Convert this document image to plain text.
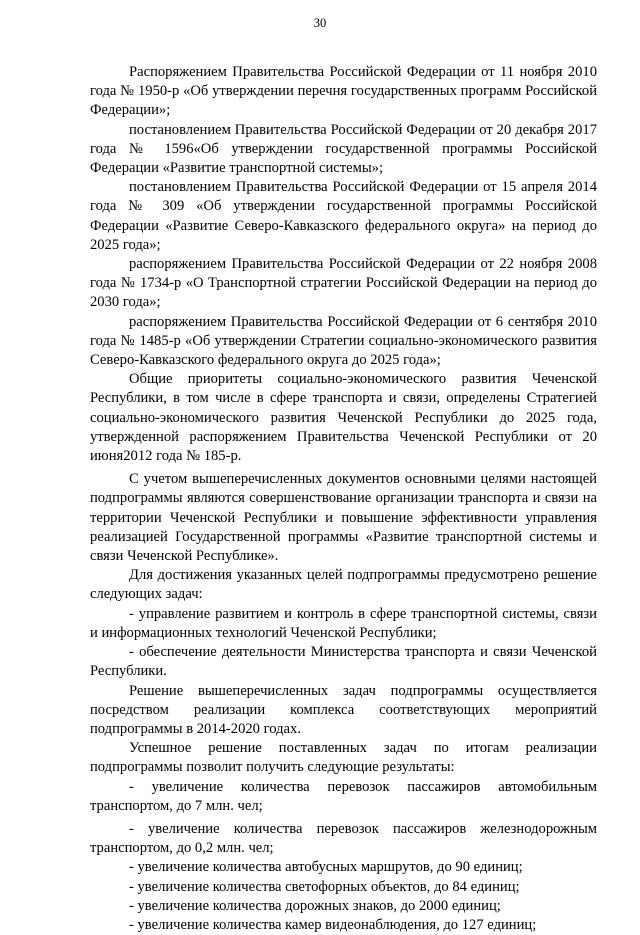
30

Распоряжением Правительства Российской Федерации от 11 ноября 2010 года № 1950-р «Об утверждении перечня государственных программ Российской Федерации»;

постановлением Правительства Российской Федерации от 20 декабря 2017 года № 1596«Об утверждении государственной программы Российской Федерации «Развитие транспортной системы»;

постановлением Правительства Российской Федерации от 15 апреля 2014 года № 309 «Об утверждении государственной программы Российской Федерации «Развитие Северо-Кавказского федерального округа» на период до 2025 года»;

распоряжением Правительства Российской Федерации от 22 ноября 2008 года № 1734-р «О Транспортной стратегии Российской Федерации на период до 2030 года»;

распоряжением Правительства Российской Федерации от 6 сентября 2010 года № 1485-р «Об утверждении Стратегии социально-экономического развития Северо-Кавказского федерального округа до 2025 года»;

Общие приоритеты социально-экономического развития Чеченской Республики, в том числе в сфере транспорта и связи, определены Стратегией социально-экономического развития Чеченской Республики до 2025 года, утвержденной распоряжением Правительства Чеченской Республики от 20 июня2012 года № 185-р.

С учетом вышеперечисленных документов основными целями настоящей подпрограммы являются совершенствование организации транспорта и связи на территории Чеченской Республики и повышение эффективности управления реализацией Государственной программы «Развитие транспортной системы и связи Чеченской Республике».

Для достижения указанных целей подпрограммы предусмотрено решение следующих задач:

- управление развитием и контроль в сфере транспортной системы, связи и информационных технологий Чеченской Республики;

- обеспечение деятельности Министерства транспорта и связи Чеченской Республики.

Решение вышеперечисленных задач подпрограммы осуществляется посредством реализации комплекса соответствующих мероприятий подпрограммы в 2014-2020 годах.

Успешное решение поставленных задач по итогам реализации подпрограммы позволит получить следующие результаты:

- увеличение количества перевозок пассажиров автомобильным транспортом, до 7 млн. чел;

- увеличение количества перевозок пассажиров железнодорожным транспортом, до 0,2 млн. чел;

- увеличение количества автобусных маршрутов, до 90 единиц;

- увеличение количества светофорных объектов, до 84 единиц;

- увеличение количества дорожных знаков, до 2000 единиц;

- увеличение количества камер видеонаблюдения, до 127 единиц;
